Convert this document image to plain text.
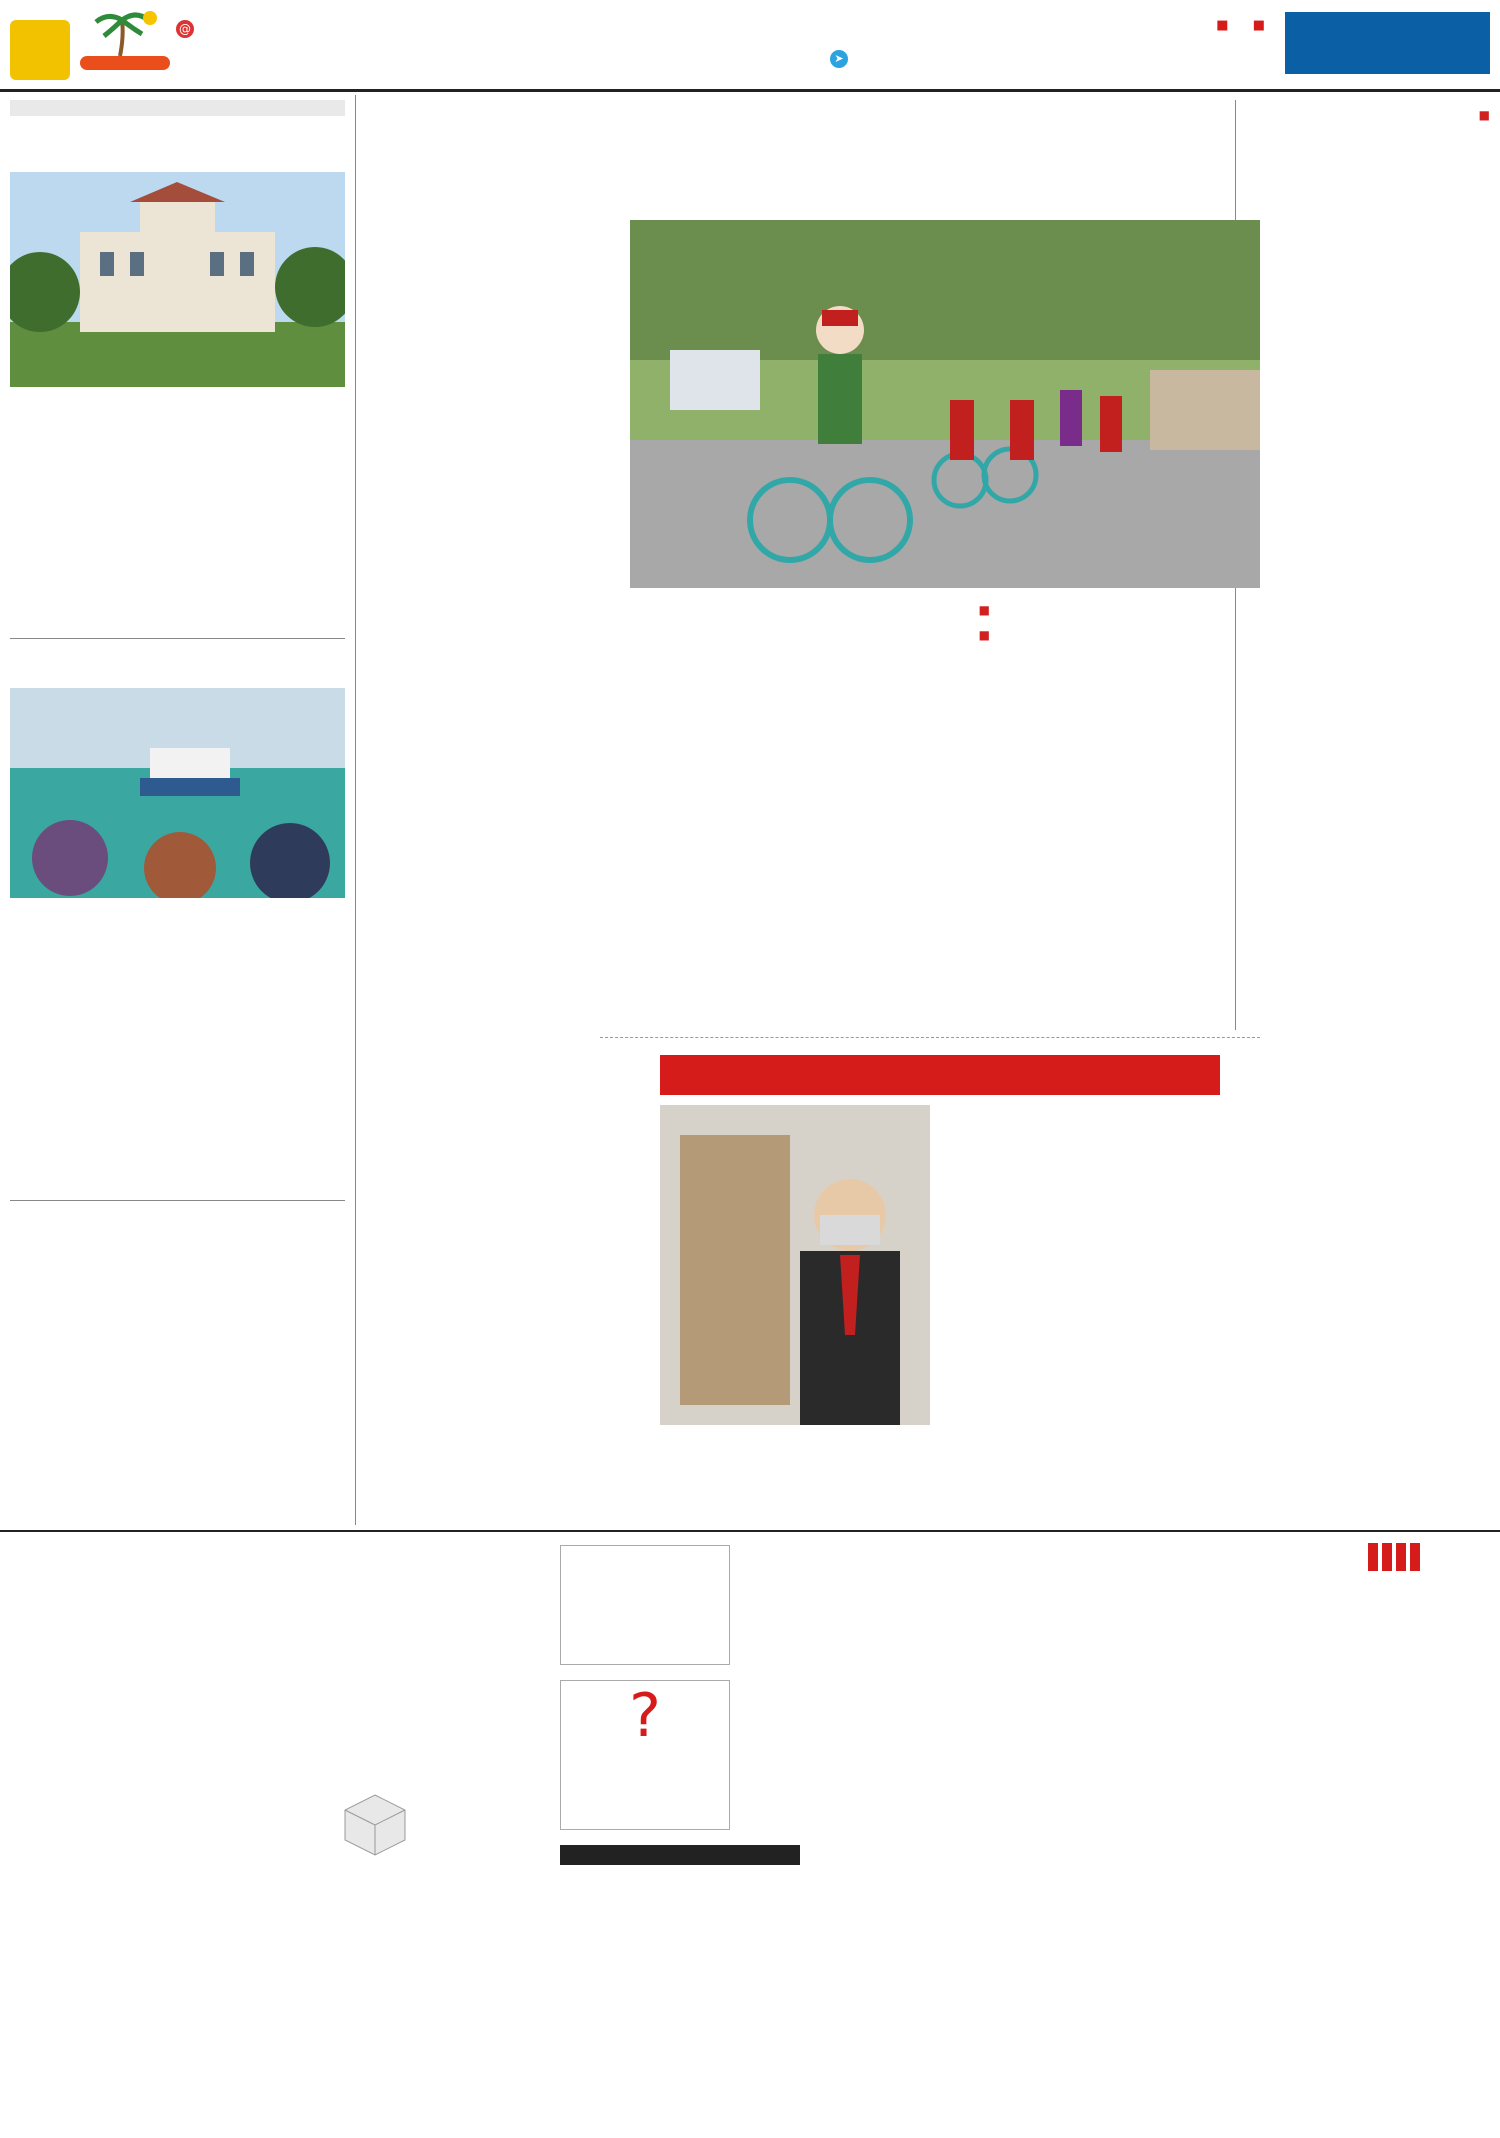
■ ■
➤
@

■

■

■

?
